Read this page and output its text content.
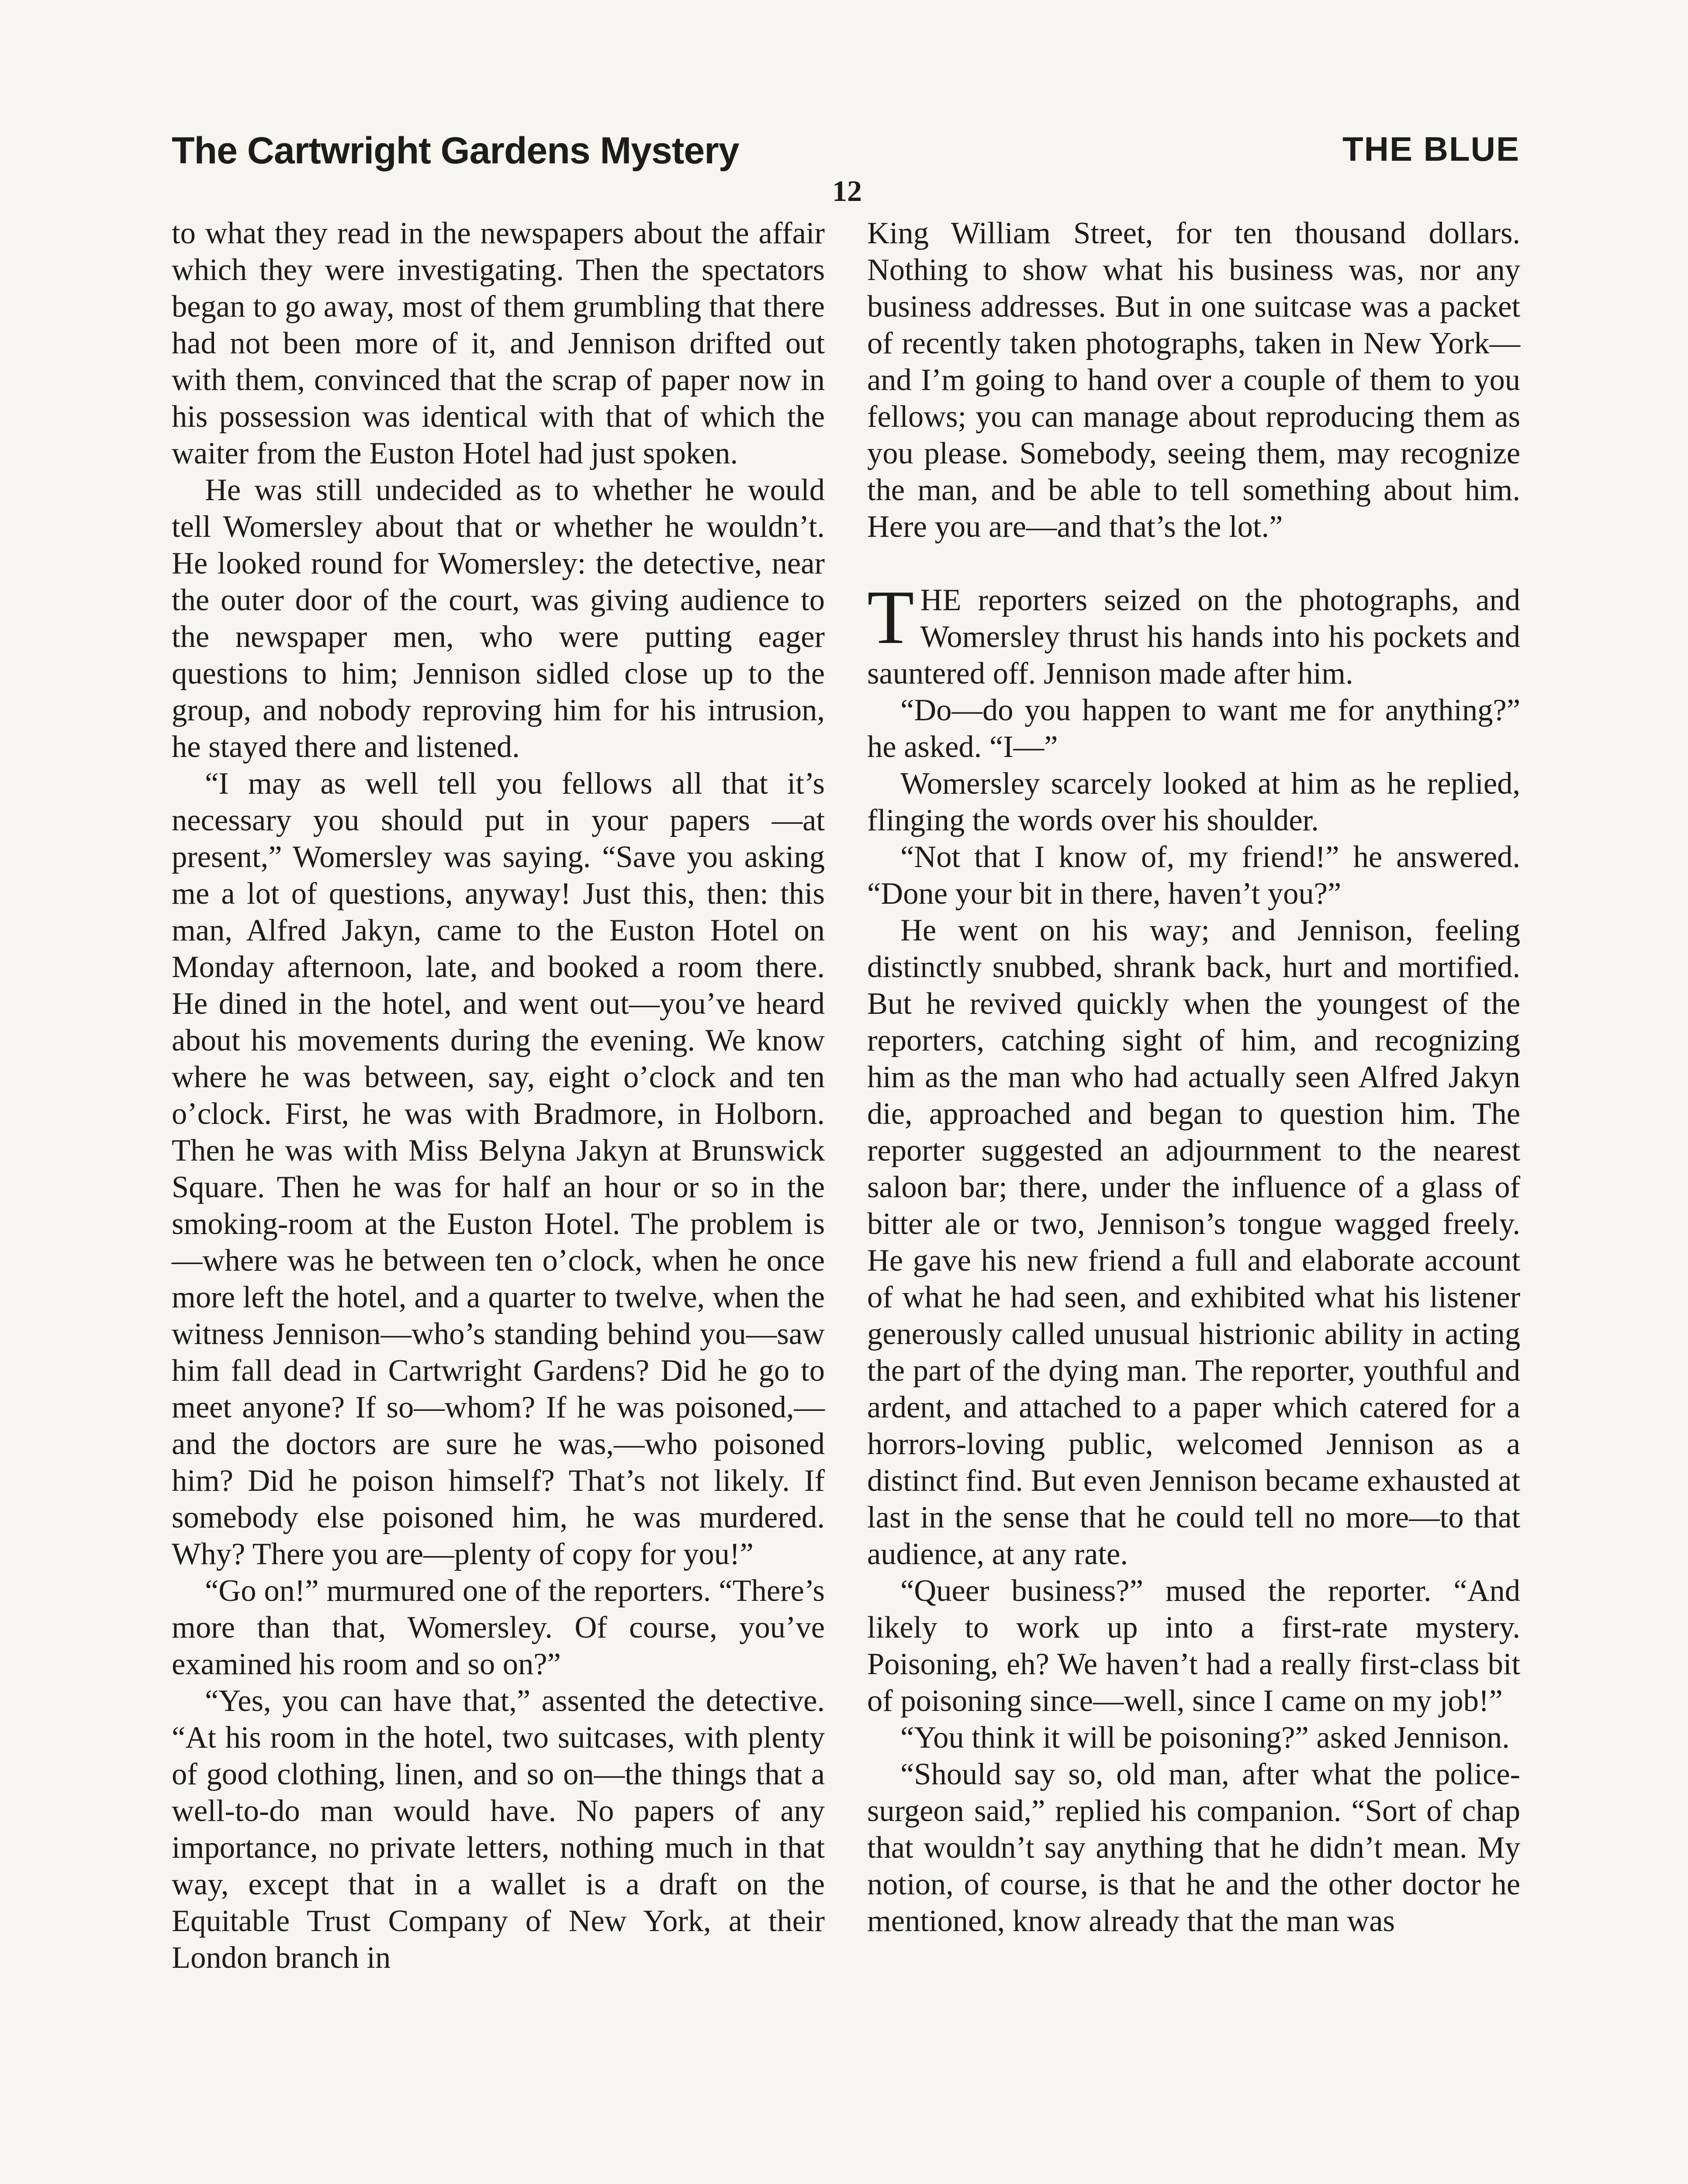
The Cartwright Gardens Mystery	THE BLUE
12

to what they read in the newspapers about the affair which they were investigating. Then the spectators began to go away, most of them grumbling that there had not been more of it, and Jennison drifted out with them, convinced that the scrap of paper now in his possession was identical with that of which the waiter from the Euston Hotel had just spoken.

He was still undecided as to whether he would tell Womersley about that or whether he wouldn’t. He looked round for Womersley: the detective, near the outer door of the court, was giving audience to the newspaper men, who were putting eager questions to him; Jennison sidled close up to the group, and nobody reproving him for his intrusion, he stayed there and listened.

“I may as well tell you fellows all that it’s necessary you should put in your papers —at present,” Womersley was saying. “Save you asking me a lot of questions, anyway! Just this, then: this man, Alfred Jakyn, came to the Euston Hotel on Monday afternoon, late, and booked a room there. He dined in the hotel, and went out—you’ve heard about his movements during the evening. We know where he was between, say, eight o’clock and ten o’clock. First, he was with Bradmore, in Holborn. Then he was with Miss Belyna Jakyn at Brunswick Square. Then he was for half an hour or so in the smoking-room at the Euston Hotel. The problem is—where was he between ten o’clock, when he once more left the hotel, and a quarter to twelve, when the witness Jennison—who’s standing behind you—saw him fall dead in Cartwright Gardens? Did he go to meet anyone? If so—whom? If he was poisoned,—and the doctors are sure he was,—who poisoned him? Did he poison himself? That’s not likely. If somebody else poisoned him, he was murdered. Why? There you are—plenty of copy for you!”

“Go on!” murmured one of the reporters. “There’s more than that, Womersley. Of course, you’ve examined his room and so on?”

“Yes, you can have that,” assented the detective. “At his room in the hotel, two suitcases, with plenty of good clothing, linen, and so on—the things that a well-to-do man would have. No papers of any importance, no private letters, nothing much in that way, except that in a wallet is a draft on the Equitable Trust Company of New York, at their London branch in

King William Street, for ten thousand dollars. Nothing to show what his business was, nor any business addresses. But in one suitcase was a packet of recently taken photographs, taken in New York—and I’m going to hand over a couple of them to you fellows; you can manage about reproducing them as you please. Somebody, seeing them, may recognize the man, and be able to tell something about him. Here you are—and that’s the lot.”

THE reporters seized on the photographs, and Womersley thrust his hands into his pockets and sauntered off. Jennison made after him.

“Do—do you happen to want me for anything?” he asked. “I—”

Womersley scarcely looked at him as he replied, flinging the words over his shoulder.

“Not that I know of, my friend!” he answered. “Done your bit in there, haven’t you?”

He went on his way; and Jennison, feeling distinctly snubbed, shrank back, hurt and mortified. But he revived quickly when the youngest of the reporters, catching sight of him, and recognizing him as the man who had actually seen Alfred Jakyn die, approached and began to question him. The reporter suggested an adjournment to the nearest saloon bar; there, under the influence of a glass of bitter ale or two, Jennison’s tongue wagged freely. He gave his new friend a full and elaborate account of what he had seen, and exhibited what his listener generously called unusual histrionic ability in acting the part of the dying man. The reporter, youthful and ardent, and attached to a paper which catered for a horrors-loving public, welcomed Jennison as a distinct find. But even Jennison became exhausted at last in the sense that he could tell no more—to that audience, at any rate.

“Queer business?” mused the reporter. “And likely to work up into a first-rate mystery. Poisoning, eh? We haven’t had a really first-class bit of poisoning since—well, since I came on my job!”

“You think it will be poisoning?” asked Jennison.

“Should say so, old man, after what the police-surgeon said,” replied his companion. “Sort of chap that wouldn’t say anything that he didn’t mean. My notion, of course, is that he and the other doctor he mentioned, know already that the man was
